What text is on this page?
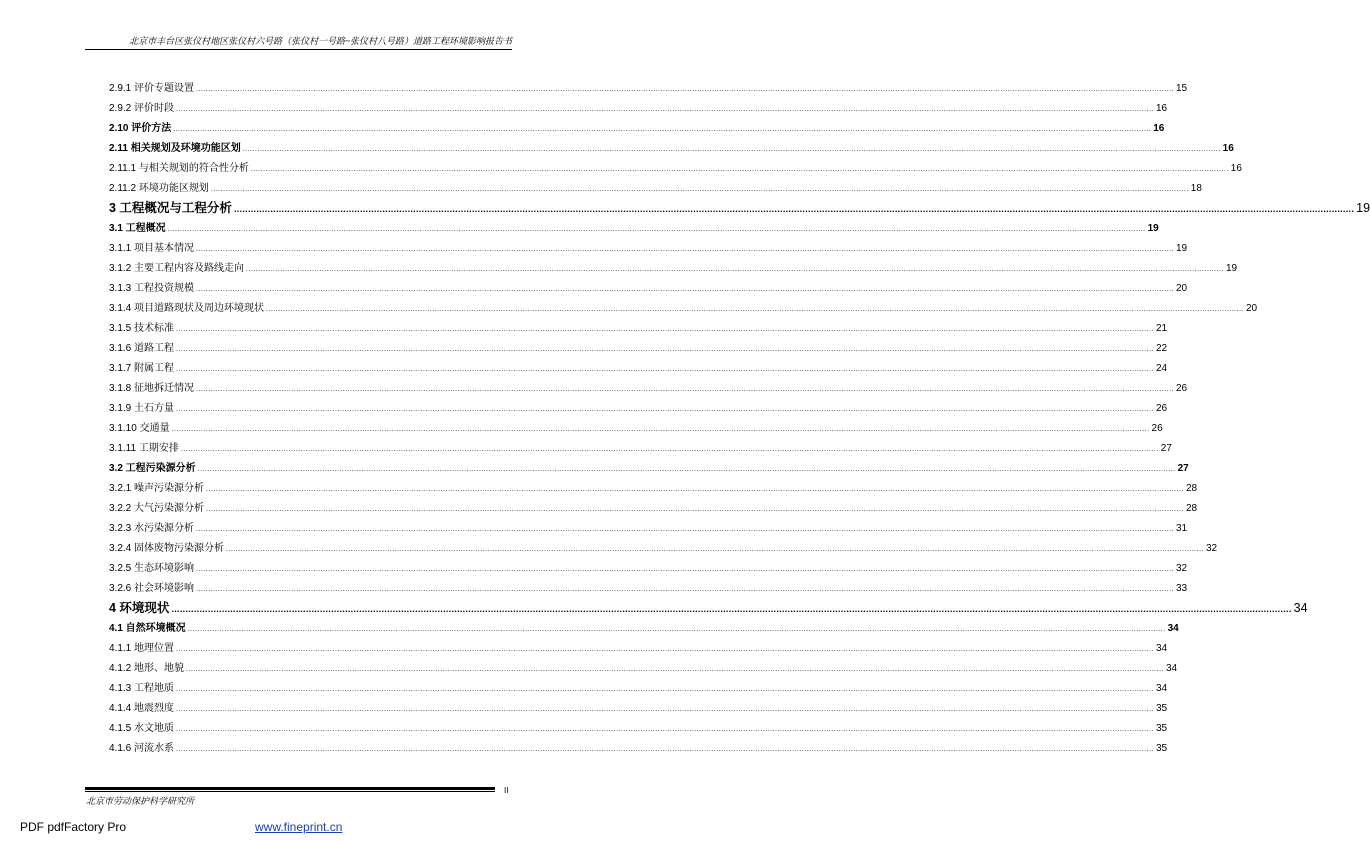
北京市丰台区张仪村地区张仪村六号路（张仪村一号路~张仪村八号路）道路工程环境影响报告书
2.9.1 评价专题设置 ................................................................................................................................................................................................................................................................................................................................................................................................................ 15
2.9.2 评价时段 ................................................................................................................................................................................................................................................................................................................................................................................................................ 16
2.10 评价方法 ................................................................................................................................................................................................................................................................................................................................................................................................................ 16
2.11 相关规划及环境功能区划 ................................................................................................................................................................................................................................................................................................................................................................................................................ 16
2.11.1 与相关规划的符合性分析 ................................................................................................................................................................................................................................................................................................................................................................................................................ 16
2.11.2 环境功能区规划 ................................................................................................................................................................................................................................................................................................................................................................................................................ 18
3 工程概况与工程分析 ................................................................................................................................................................................................................................................................................................................................................................................................................ 19
3.1 工程概况 ................................................................................................................................................................................................................................................................................................................................................................................................................ 19
3.1.1 项目基本情况 ................................................................................................................................................................................................................................................................................................................................................................................................................ 19
3.1.2 主要工程内容及路线走向 ................................................................................................................................................................................................................................................................................................................................................................................................................ 19
3.1.3 工程投资规模 ................................................................................................................................................................................................................................................................................................................................................................................................................ 20
3.1.4 项目道路现状及周边环境现状 ................................................................................................................................................................................................................................................................................................................................................................................................................ 20
3.1.5 技术标准 ................................................................................................................................................................................................................................................................................................................................................................................................................ 21
3.1.6 道路工程 ................................................................................................................................................................................................................................................................................................................................................................................................................ 22
3.1.7 附属工程 ................................................................................................................................................................................................................................................................................................................................................................................................................ 24
3.1.8 征地拆迁情况 ................................................................................................................................................................................................................................................................................................................................................................................................................ 26
3.1.9 土石方量 ................................................................................................................................................................................................................................................................................................................................................................................................................ 26
3.1.10 交通量 ................................................................................................................................................................................................................................................................................................................................................................................................................ 26
3.1.11 工期安排 ................................................................................................................................................................................................................................................................................................................................................................................................................ 27
3.2 工程污染源分析 ................................................................................................................................................................................................................................................................................................................................................................................................................ 27
3.2.1 噪声污染源分析 ................................................................................................................................................................................................................................................................................................................................................................................................................ 28
3.2.2 大气污染源分析 ................................................................................................................................................................................................................................................................................................................................................................................................................ 28
3.2.3 水污染源分析 ................................................................................................................................................................................................................................................................................................................................................................................................................ 31
3.2.4 固体废物污染源分析 ................................................................................................................................................................................................................................................................................................................................................................................................................ 32
3.2.5 生态环境影响 ................................................................................................................................................................................................................................................................................................................................................................................................................ 32
3.2.6 社会环境影响 ................................................................................................................................................................................................................................................................................................................................................................................................................ 33
4 环境现状 ................................................................................................................................................................................................................................................................................................................................................................................................................ 34
4.1 自然环境概况 ................................................................................................................................................................................................................................................................................................................................................................................................................ 34
4.1.1 地理位置 ................................................................................................................................................................................................................................................................................................................................................................................................................ 34
4.1.2 地形、地貌 ................................................................................................................................................................................................................................................................................................................................................................................................................ 34
4.1.3 工程地质 ................................................................................................................................................................................................................................................................................................................................................................................................................ 34
4.1.4 地震烈度 ................................................................................................................................................................................................................................................................................................................................................................................................................ 35
4.1.5 水文地质 ................................................................................................................................................................................................................................................................................................................................................................................................................ 35
4.1.6 河流水系 ................................................................................................................................................................................................................................................................................................................................................................................................................ 35
北京市劳动保护科学研究所
II
PDF pdfFactory Pro	www.fineprint.cn
